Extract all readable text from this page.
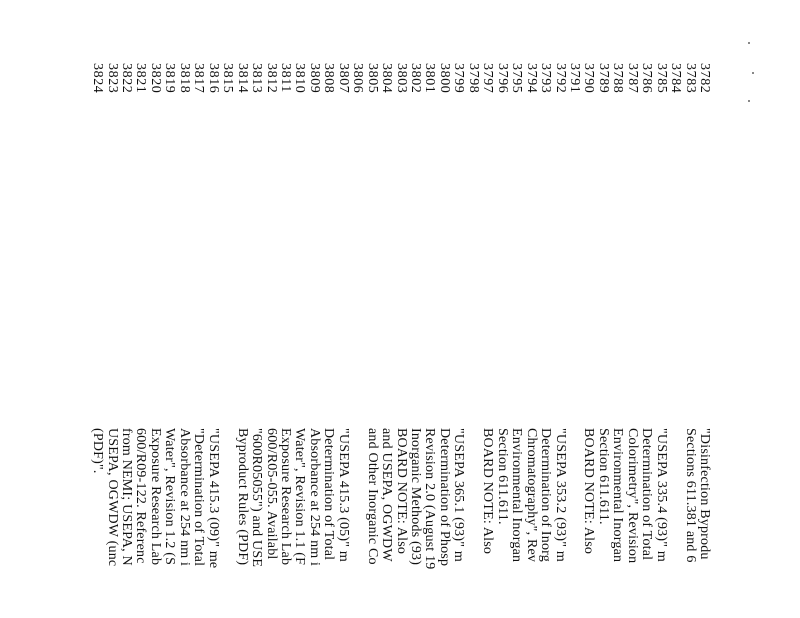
3782
"Disinfection Byprodu
3783
Sections 611.381 and 6
3784
3785
"USEPA 335.4 (93)" m
3786
Determination of Total
3787
Colorimetry", Revision
3788
Environmental Inorgan
3789
Section 611.611.
3790
BOARD NOTE: Also
3791
3792
"USEPA 353.2 (93)" m
3793
Determination of Inorg
3794
Chromatography", Rev
3795
Environmental Inorgan
3796
Section 611.611.
3797
BOARD NOTE: Also
3798
3799
"USEPA 365.1 (93)" m
3800
Determination of Phosp
3801
Revision 2.0 (August 19
3802
Inorganic Methods (93)
3803
BOARD NOTE: Also
3804
and USEPA, OGWDW
3805
and Other Inorganic Co
3806
3807
"USEPA 415.3 (05)" m
3808
Determination of Total
3809
Absorbance at 254 nm i
3810
Water", Revision 1.1 (F
3811
Exposure Research Lab
3812
600/R05-055. Availabl
3813
"600R05055") and USE
3814
Byproduct Rules (PDF)
3815
3816
"USEPA 415.3 (09)" me
3817
"Determination of Total
3818
Absorbance at 254 nm i
3819
Water", Revision 1.2 (S
3820
Exposure Research Lab
3821
600/R09-122. Referenc
3822
from NEMI; USEPA, N
3823
USEPA, OGWDW (unc
3824
(PDF)".
